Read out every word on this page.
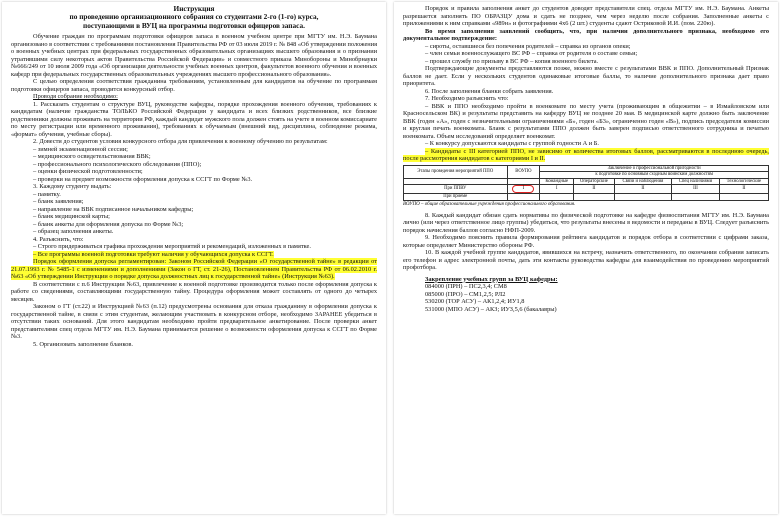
Инструкция
по проведению организационного собрания со студентами 2-го (1-го) курса,
поступающими в ВУЦ на программы подготовки офицеров запаса.

Обучение граждан по программам подготовки офицеров запаса в военном учебном центре при МГТУ им. Н.Э. Баумана организовано в соответствии с требованиями постановления Правительства РФ от 03 июля 2019 г. № 848 «Об утверждении положения о военных учебных центрах при федеральных государственных образовательных организациях высшего образования и о признании утратившими силу некоторых актов Правительства Российской Федерации» и совместного приказа Минобороны и Минобрнауки №666/249 от 10 июля 2009 года «Об организации деятельности учебных военных центров, факультетов военного обучения и военных кафедр при федеральных государственных образовательных учреждениях высшего профессионального образования».

С целью определения соответствия гражданина требованиям, установленным для кандидатов на обучение по программам подготовки офицеров запаса, проводится конкурсный отбор.

Проводя собрание необходимо:

1. Рассказать студентам о структуре ВУЦ, руководстве кафедры, порядке прохождения военного обучения, требованиях к кандидатам (наличие гражданства ТОЛЬКО Российской Федерации у кандидата и всех близких родственников, все близкие родственники должны проживать на территории РФ, каждый кандидат мужского пола должен стоять на учете в военном комиссариате по месту регистрации или временного проживания), требованиях к обучаемым (внешний вид, дисциплина, соблюдение режима, «формат» обучения, учебные сборы).

2. Довести до студентов условия конкурсного отбора для привлечения к военному обучению по результатам:

– зимней экзаменационной сессии;

– медицинского освидетельствования ВВК;

– профессионального психологического обследования (ППО);

– оценки физической подготовленности;

– проверки на предмет возможности оформления допуска к ССГТ по Форме №3.

3. Каждому студенту выдать:

– памятку.

– бланк заявления;

– направление на ВВК подписанное начальником кафедры;

– бланк медицинской карты;

– бланк анкеты для оформления допуска по Форме №3;

– образец заполнения анкеты.

4. Разъяснить, что:

– Строго придерживаться графика прохождения мероприятий и рекомендаций, изложенных в памятке.

– Все программы военной подготовки требуют наличия у обучающихся допуска к ССГТ.

Порядок оформления допуска регламентирован: Законом Российской Федерации «О государственной тайне» в редакции от 21.07.1993 г. № 5485-1 с изменениями и дополнениями (Закон о ГТ, ст. 21-26), Постановлением Правительства РФ от 06.02.2010 г. №63 «Об утверждении Инструкции о порядке допуска должностных лиц к государственной тайне» (Инструкция №63).

В соответствии с п.6 Инструкции №63, привлечение к военной подготовке производится только после оформления допуска к работе со сведениями, составляющими государственную тайну. Процедура оформления может составлять от одного до четырех месяцев.

Законом о ГТ (ст.22) и Инструкцией №63 (п.12) предусмотрены основания для отказа гражданину в оформлении допуска к государственной тайне, в связи с этим студентам, желающим участвовать в конкурсном отборе, необходимо ЗАРАНЕЕ убедиться в отсутствии таких оснований. Для этого кандидатам необходимо пройти предварительное анкетирование. После проверки анкет представителями спец отдела МГТУ им. Н.Э. Баумана принимается решение о возможности оформления допуска к ССГТ по Форме №3.

5. Организовать заполнение бланков.

Порядок и правила заполнения анкет до студентов доводят представители спец. отдела МГТУ им. Н.Э. Баумана. Анкеты разрешается заполнять ПО ОБРАЗЦУ дома и сдать не позднее, чем через неделю после собрания. Заполненные анкеты с приложениями к ним справками «989н» и фотографиями 4х6 (2 шт.) студенты сдают Остриковой И.И. (пом. 220ю).

Во время заполнения заявлений сообщить, что, при наличии дополнительного признака, необходимо его документальное подтверждение:

– сироты, оставшиеся без попечения родителей – справка из органов опеки;

– член семьи военнослужащего ВС РФ – справка от родителя о составе семьи;

– прошел службу по призыву в ВС РФ – копия военного билета.

Подтверждающие документы представляются позже, можно вместе с результатами ВВК и ППО. Дополнительный Признак баллов не дает. Если у нескольких студентов одинаковые итоговые баллы, то наличие дополнительного признака дает право приоритета.

6. После заполнения бланки собрать заявления.

7. Необходимо разъяснить что:

– ВВК и ППО необходимо пройти в военкомате по месту учета (проживающим в общежитии – в Измайловском или Красносельском ВК) и результаты представить на кафедру ВУЦ не позднее 20 мая. В медицинской карте должно быть заключение ВВК (годен «А», годен с незначительными ограничениями «Б», годен «Б3», ограниченно годен «В»), подпись председателя комиссии и круглая печать военкомата. Бланк с результатами ППО должен быть заверен подписью ответственного сотрудника и печатью военкомата. Объем исследований определяет военкомат.

– К конкурсу допускаются кандидаты с группой годности А и Б.

– Кандидаты с III категорией ППО, не зависимо от количества итоговых баллов, рассматриваются в последнюю очередь, после рассмотрения кандидатов с категориями I и II.

Этапы проведения мероприятий ППО	ВОУПО	Заключение о профессиональной пригодности				
		к подготовке по основным сходным воинским должностям				
		Командные	Операторские	Связи и наблюдения	Спец наличиями	Технологические
При ППВУ	I	I	II	II	III	II
При приеме						

ВОУПО – общие образовательные учреждения профессионального образования.

8. Каждый кандидат обязан сдать нормативы по физической подготовке на кафедре физвоспитания МГТУ им. Н.Э. Баумана лично (или через ответственное лицо группы) убедиться, что результаты внесены в ведомости и переданы в ВУЦ. Следует разъяснить порядок начисления баллов согласно НФП-2009.

9. Необходимо пояснить правила формирования рейтинга кандидатов и порядок отбора в соответствии с цифрами заказа, которые определяет Министерство обороны РФ.

10. В каждой учебной группе кандидатов, явившихся на встречу, назначить ответственного, по окончании собрания записать его телефон и адрес электронной почты, дать эти контакты руководства кафедры для взаимодействия по проведению мероприятий профотбора.

Закрепление учебных групп за ВУЦ кафедры:

084000 (ПРН) – ПС2,3,4; СМ8

085000 (ПРО) – СМ1,2,5; РЛ2

530200 (ТОР АСУ) – АК1,2,4; ИУ1,8

531000 (МПО АСУ) – АКЗ; ИУЗ,5,6 (бакалавры)
